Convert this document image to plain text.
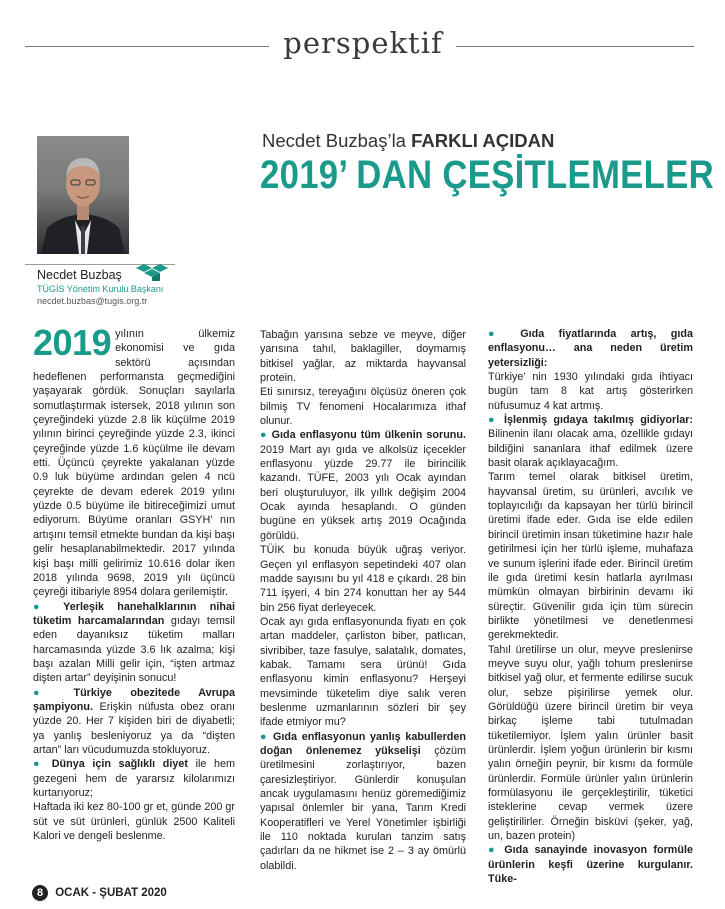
perspektif
Necdet Buzbaş
TÜGİS Yönetim Kurulu Başkanı
necdet.buzbas@tugis.org.tr
Necdet Buzbaş’la FARKLI AÇIDAN
2019’ DAN ÇEŞİTLEMELER

2019 yılının ülkemiz ekonomisi ve gıda sektörü açısından hedeflenen performansta geçmediğini yaşayarak gördük. Sonuçları sayılarla somutlaştırmak istersek, 2018 yılının son çeyreğindeki yüzde 2.8 lik küçülme 2019 yılının birinci çeyreğinde yüzde 2.3, ikinci çeyreğinde yüzde 1.6 küçülme ile devam etti. Üçüncü çeyrekte yakalanan yüzde 0.9 luk büyüme ardından gelen 4 ncü çeyrekte de devam ederek 2019 yılını yüzde 0.5 büyüme ile bitireceğimizi umut ediyorum. Büyüme oranları GSYH’ nın artışını temsil etmekte bundan da kişi başı gelir hesaplanabilmektedir. 2017 yılında kişi başı milli gelirimiz 10.616 dolar iken 2018 yılında 9698, 2019 yılı üçüncü çeyreği itibariyle 8954 dolara gerilemiştir.

● Yerleşik hanehalklarının nihai tüketim harcamalarından gıdayı temsil eden dayanıksız tüketim malları harcamasında yüzde 3.6 lık azalma; kişi başı azalan Milli gelir için, “işten artmaz dişten artar” deyişinin sonucu!

● Türkiye obezitede Avrupa şampiyonu. Erişkin nüfusta obez oranı yüzde 20. Her 7 kişiden biri de diyabetli; ya yanlış besleniyoruz ya da “dişten artan” ları vücudumuzda stokluyoruz.

● Dünya için sağlıklı diyet ile hem gezegeni hem de yararsız kilolarımızı kurtarıyoruz;

Haftada iki kez 80-100 gr et, günde 200 gr süt ve süt ürünleri, günlük 2500 Kaliteli Kalori ve dengeli beslenme.

Tabağın yarısına sebze ve meyve, diğer yarısına tahıl, baklagiller, doymamış bitkisel yağlar, az miktarda hayvansal protein.

Eti sınırsız, tereyağını ölçüsüz öneren çok bilmiş TV fenomeni Hocalarımıza ithaf olunur.

● Gıda enflasyonu tüm ülkenin sorunu. 2019 Mart ayı gıda ve alkolsüz içecekler enflasyonu yüzde 29.77 ile birincilik kazandı. TÜFE, 2003 yılı Ocak ayından beri oluşturuluyor, ilk yıllık değişim 2004 Ocak ayında hesaplandı. O günden bugüne en yüksek artış 2019 Ocağında görüldü.

TÜİK bu konuda büyük uğraş veriyor. Geçen yıl enflasyon sepetindeki 407 olan madde sayısını bu yıl 418 e çıkardı. 28 bin 711 işyeri, 4 bin 274 konuttan her ay 544 bin 256 fiyat derleyecek.

Ocak ayı gıda enflasyonunda fiyatı en çok artan maddeler, çarliston biber, patlıcan, sivribiber, taze fasulye, salatalık, domates, kabak. Tamamı sera ürünü! Gıda enflasyonu kimin enflasyonu? Herşeyi mevsiminde tüketelim diye salık veren beslenme uzmanlarının sözleri bir şey ifade etmiyor mu?

● Gıda enflasyonun yanlış kabullerden doğan önlenemez yükselişi çözüm üretilmesini zorlaştırıyor, bazen çaresizleştiriyor. Günlerdir konuşulan ancak uygulamasını henüz göremediğimiz yapısal önlemler bir yana, Tarım Kredi Kooperatifleri ve Yerel Yönetimler işbirliği ile 110 noktada kurulan tanzim satış çadırları da ne hikmet ise 2 – 3 ay ömürlü olabildi.

● Gıda fiyatlarında artış, gıda enflasyonu… ana neden üretim yetersizliği:

Türkiye’ nin 1930 yılındaki gıda ihtiyacı bugün tam 8 kat artış gösterirken nüfusumuz 4 kat artmış.

● İşlenmiş gıdaya takılmış gidiyorlar: Bilinenin ilanı olacak ama, özellikle gıdayı bildiğini sananlara ithaf edilmek üzere basit olarak açıklayacağım.

Tarım temel olarak bitkisel üretim, hayvansal üretim, su ürünleri, avcılık ve toplayıcılığı da kapsayan her türlü birincil üretimi ifade eder. Gıda ise elde edilen birincil üretimin insan tüketimine hazır hale getirilmesi için her türlü işleme, muhafaza ve sunum işlerini ifade eder. Birincil üretim ile gıda üretimi kesin hatlarla ayrılması mümkün olmayan birbirinin devamı iki süreçtir. Güvenilir gıda için tüm sürecin birlikte yönetilmesi ve denetlenmesi gerekmektedir.

Tahıl üretilirse un olur, meyve preslenirse meyve suyu olur, yağlı tohum preslenirse bitkisel yağ olur, et fermente edilirse sucuk olur, sebze pişirilirse yemek olur. Görüldüğü üzere birincil üretim bir veya birkaç işleme tabi tutulmadan tüketilemiyor. İşlem yalın ürünler basit ürünlerdir. İşlem yoğun ürünlerin bir kısmı yalın örneğin peynir, bir kısmı da formüle ürünlerdir. Formüle ürünler yalın ürünlerin formülasyonu ile gerçekleştirilir, tüketici isteklerine cevap vermek üzere geliştirilirler. Örneğin bisküvi (şeker, yağ, un, bazen protein)

● Gıda sanayinde inovasyon formüle ürünlerin keşfi üzerine kurgulanır. Tüke-

8 OCAK - ŞUBAT 2020
